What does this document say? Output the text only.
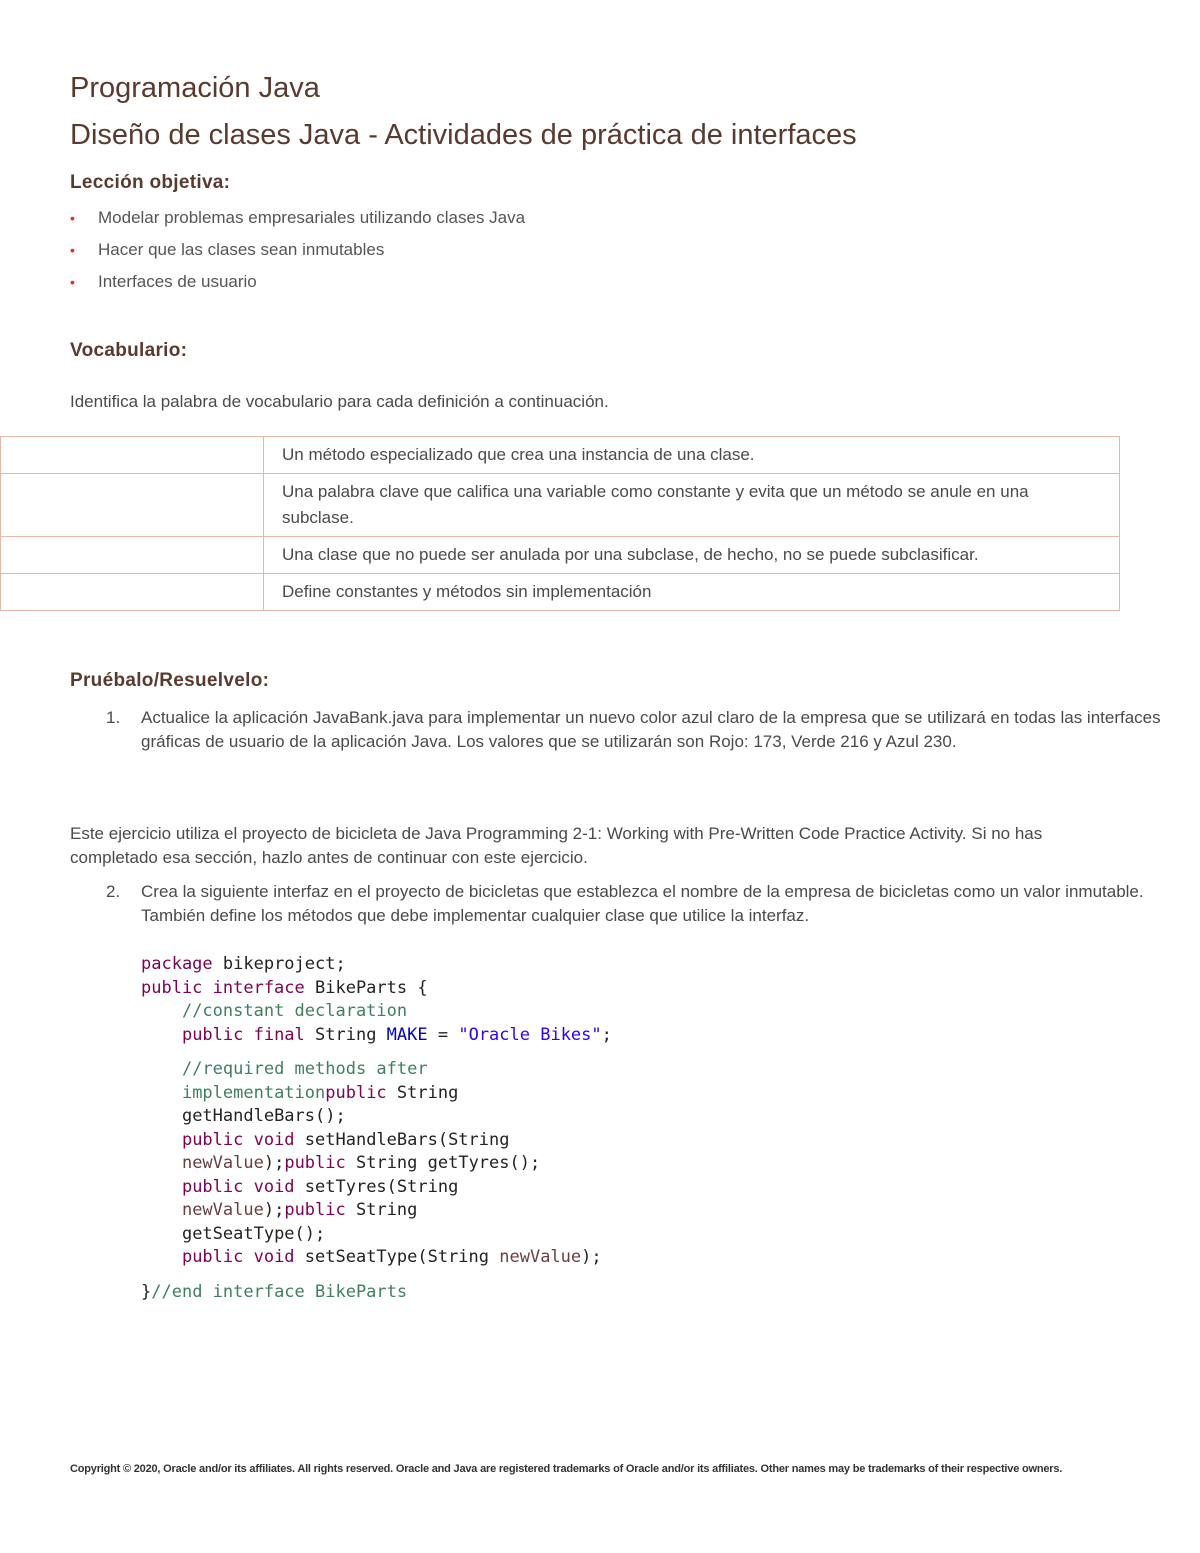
Programación Java
Diseño de clases Java - Actividades de práctica de interfaces
Lección objetiva:
• Modelar problemas empresariales utilizando clases Java
• Hacer que las clases sean inmutables
• Interfaces de usuario
Vocabulario:

Identifica la palabra de vocabulario para cada definición a continuación.

	Un método especializado que crea una instancia de una clase.
	Una palabra clave que califica una variable como constante y evita que un método se anule en una subclase.
	Una clase que no puede ser anulada por una subclase, de hecho, no se puede subclasificar.
	Define constantes y métodos sin implementación
Pruébalo/Resuelvelo:
1. Actualice la aplicación JavaBank.java para implementar un nuevo color azul claro de la empresa que se utilizará en todas las interfaces gráficas de usuario de la aplicación Java. Los valores que se utilizarán son Rojo: 173, Verde 216 y Azul 230.

Este ejercicio utiliza el proyecto de bicicleta de Java Programming 2-1: Working with Pre-Written Code Practice Activity. Si no has completado esa sección, hazlo antes de continuar con este ejercicio.

2. Crea la siguiente interfaz en el proyecto de bicicletas que establezca el nombre de la empresa de bicicletas como un valor inmutable. También define los métodos que debe implementar cualquier clase que utilice la interfaz.
package bikeproject;
public interface BikeParts {
//constant declaration
public final String MAKE = "Oracle Bikes";

//required methods after
implementationpublic String
getHandleBars();
public void setHandleBars(String
newValue);public String getTyres();
public void setTyres(String
newValue);public String
getSeatType();
public void setSeatType(String newValue);

}//end interface BikeParts
Copyright © 2020, Oracle and/or its affiliates. All rights reserved. Oracle and Java are registered trademarks of Oracle and/or its affiliates. Other names may be trademarks of their respective owners.
